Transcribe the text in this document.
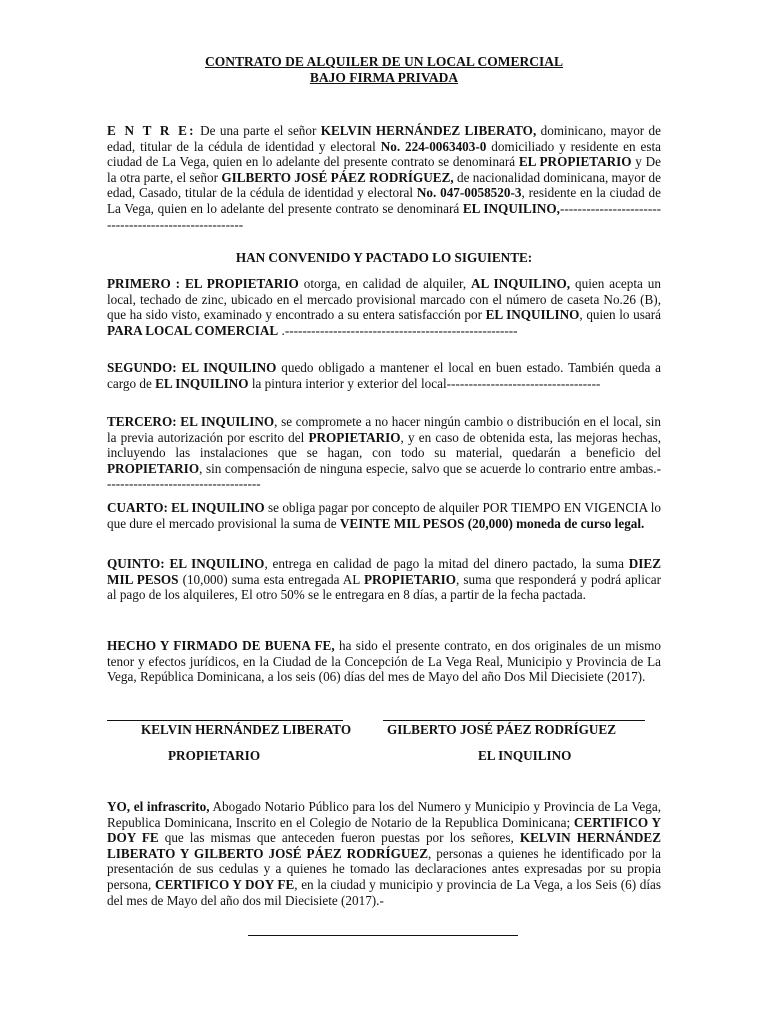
CONTRATO DE ALQUILER DE UN LOCAL COMERCIAL
BAJO FIRMA PRIVADA

E N T R E: De una parte el señor KELVIN HERNÁNDEZ LIBERATO, dominicano, mayor de edad, titular de la cédula de identidad y electoral No. 224-0063403-0 domiciliado y residente en esta ciudad de La Vega, quien en lo adelante del presente contrato se denominará EL PROPIETARIO y De la otra parte, el señor GILBERTO JOSÉ PÁEZ RODRÍGUEZ, de nacionalidad dominicana, mayor de edad, Casado, titular de la cédula de identidad y electoral No. 047-0058520-3, residente en la ciudad de La Vega, quien en lo adelante del presente contrato se denominará EL INQUILINO,------------------------------------------------------

HAN CONVENIDO Y PACTADO LO SIGUIENTE:

PRIMERO : EL PROPIETARIO otorga, en calidad de alquiler, AL INQUILINO, quien acepta un local, techado de zinc, ubicado en el mercado provisional marcado con el número de caseta No.26 (B), que ha sido visto, examinado y encontrado a su entera satisfacción por EL INQUILINO, quien lo usará PARA LOCAL COMERCIAL .-----------------------------------------------------

SEGUNDO: EL INQUILINO quedo obligado a mantener el local en buen estado. También queda a cargo de EL INQUILINO la pintura interior y exterior del local-----------------------------------

TERCERO: EL INQUILINO, se compromete a no hacer ningún cambio o distribución en el local, sin la previa autorización por escrito del PROPIETARIO, y en caso de obtenida esta, las mejoras hechas, incluyendo las instalaciones que se hagan, con todo su material, quedarán a beneficio del PROPIETARIO, sin compensación de ninguna especie, salvo que se acuerde lo contrario entre ambas.------------------------------------

CUARTO: EL INQUILINO se obliga pagar por concepto de alquiler POR TIEMPO EN VIGENCIA lo que dure el mercado provisional la suma de VEINTE MIL PESOS (20,000) moneda de curso legal.

QUINTO: EL INQUILINO, entrega en calidad de pago la mitad del dinero pactado, la suma DIEZ MIL PESOS (10,000) suma esta entregada AL PROPIETARIO, suma que responderá y podrá aplicar al pago de los alquileres, El otro 50% se le entregara en 8 días, a partir de la fecha pactada.

HECHO Y FIRMADO DE BUENA FE, ha sido el presente contrato, en dos originales de un mismo tenor y efectos jurídicos, en la Ciudad de la Concepción de La Vega Real, Municipio y Provincia de La Vega, República Dominicana, a los seis (06) días del mes de Mayo del año Dos Mil Diecisiete (2017).

KELVIN HERNÁNDEZ LIBERATO	GILBERTO JOSÉ PÁEZ RODRÍGUEZ
PROPIETARIO	EL INQUILINO

YO, el infrascrito, Abogado Notario Público para los del Numero y Municipio y Provincia de La Vega, Republica Dominicana, Inscrito en el Colegio de Notario de la Republica Dominicana; CERTIFICO Y DOY FE que las mismas que anteceden fueron puestas por los señores, KELVIN HERNÁNDEZ LIBERATO Y GILBERTO JOSÉ PÁEZ RODRÍGUEZ, personas a quienes he identificado por la presentación de sus cedulas y a quienes he tomado las declaraciones antes expresadas por su propia persona, CERTIFICO Y DOY FE, en la ciudad y municipio y provincia de La Vega, a los Seis (6) días del mes de Mayo del año dos mil Diecisiete (2017).-
